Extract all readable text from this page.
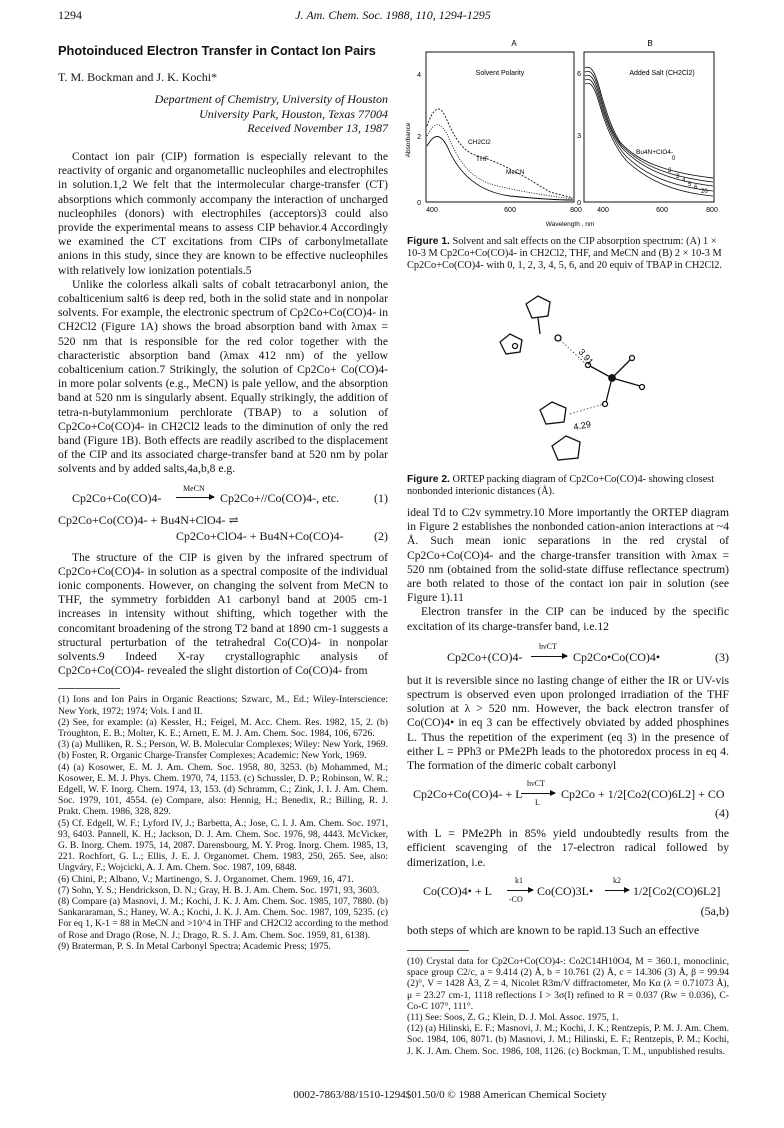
1294	J. Am. Chem. Soc. 1988, 110, 1294-1295
Photoinduced Electron Transfer in Contact Ion Pairs
T. M. Bockman and J. K. Kochi*
Department of Chemistry, University of Houston
University Park, Houston, Texas 77004
Received November 13, 1987

Contact ion pair (CIP) formation is especially relevant to the reactivity of organic and organometallic nucleophiles and electrophiles in solution.1,2 We felt that the intermolecular charge-transfer (CT) absorptions which commonly accompany the interaction of uncharged nucleophiles (donors) with electrophiles (acceptors)3 could also provide the experimental means to assess CIP behavior.4 Accordingly we examined the CT excitations from CIPs of carbonylmetallate anions in this study, since they are known to be effective nucleophiles with relatively low ionization potentials.5

Unlike the colorless alkali salts of cobalt tetracarbonyl anion, the cobalticenium salt6 is deep red, both in the solid state and in nonpolar solvents. For example, the electronic spectrum of Cp2Co+Co(CO)4- in CH2Cl2 (Figure 1A) shows the broad absorption band with λmax = 520 nm that is responsible for the red color together with the characteristic absorption band (λmax 412 nm) of the yellow cobalticenium cation.7 Strikingly, the solution of Cp2Co+ Co(CO)4- in more polar solvents (e.g., MeCN) is pale yellow, and the absorption band at 520 nm is singularly absent. Equally strikingly, the addition of tetra-n-butylammonium perchlorate (TBAP) to a solution of Cp2Co+Co(CO)4- in CH2Cl2 leads to the diminution of only the red band (Figure 1B). Both effects are readily ascribed to the displacement of the CIP and its associated charge-transfer band at 520 nm by polar solvents and by added salts,4a,b,8 e.g.

Cp2Co+Co(CO)4-
MeCN
Cp2Co+//Co(CO)4-, etc.	(1)
Cp2Co+Co(CO)4- + Bu4N+ClO4- ⇌
Cp2Co+ClO4- + Bu4N+Co(CO)4-	(2)

The structure of the CIP is given by the infrared spectrum of Cp2Co+Co(CO)4- in solution as a spectral composite of the individual ionic components. However, on changing the solvent from MeCN to THF, the symmetry forbidden A1 carbonyl band at 2005 cm-1 increases in intensity without shifting, which together with the concomitant broadening of the strong T2 band at 1890 cm-1 suggests a structural perturbation of the tetrahedral Co(CO)4- in nonpolar solvents.9 Indeed X-ray crystallographic analysis of Cp2Co+Co(CO)4- revealed the slight distortion of Co(CO)4- from

(1) Ions and Ion Pairs in Organic Reactions; Szwarc, M., Ed.; Wiley-Interscience: New York, 1972; 1974; Vols. I and II.
(2) See, for example: (a) Kessler, H.; Feigel, M. Acc. Chem. Res. 1982, 15, 2. (b) Troughton, E. B.; Molter, K. E.; Arnett, E. M. J. Am. Chem. Soc. 1984, 106, 6726.
(3) (a) Mulliken, R. S.; Person, W. B. Molecular Complexes; Wiley: New York, 1969. (b) Foster, R. Organic Charge-Transfer Complexes; Academic: New York, 1969.
(4) (a) Kosower, E. M. J. Am. Chem. Soc. 1958, 80, 3253. (b) Mohammed, M.; Kosower, E. M. J. Phys. Chem. 1970, 74, 1153. (c) Schussler, D. P.; Robinson, W. R.; Edgell, W. F. Inorg. Chem. 1974, 13, 153. (d) Schramm, C.; Zink, J. I. J. Am. Chem. Soc. 1979, 101, 4554. (e) Compare, also: Hennig, H.; Benedix, R.; Billing, R. J. Prakt. Chem. 1986, 328, 829.
(5) Cf. Edgell, W. F.; Lyford IV, J.; Barbetta, A.; Jose, C. I. J. Am. Chem. Soc. 1971, 93, 6403. Pannell, K. H.; Jackson, D. J. Am. Chem. Soc. 1976, 98, 4443. McVicker, G. B. Inorg. Chem. 1975, 14, 2087. Darensbourg, M. Y. Prog. Inorg. Chem. 1985, 13, 221. Rochfort, G. L.; Ellis, J. E. J. Organomet. Chem. 1983, 250, 265. See, also: Ungváry, F.; Wojcicki, A. J. Am. Chem. Soc. 1987, 109, 6848.
(6) Chini, P.; Albano, V.; Martinengo, S. J. Organomet. Chem. 1969, 16, 471.
(7) Sohn, Y. S.; Hendrickson, D. N.; Gray, H. B. J. Am. Chem. Soc. 1971, 93, 3603.
(8) Compare (a) Masnovi, J. M.; Kochi, J. K. J. Am. Chem. Soc. 1985, 107, 7880. (b) Sankararaman, S.; Haney, W. A.; Kochi, J. K. J. Am. Chem. Soc. 1987, 109, 5235. (c) For eq 1, K-1 = 88 in MeCN and >10^4 in THF and CH2Cl2 according to the method of Rose and Drago (Rose, N. J.; Drago, R. S. J. Am. Chem. Soc. 1959, 81, 6138).
(9) Braterman, P. S. In Metal Carbonyl Spectra; Academic Press; 1975.
A	B
Absorbance
Solvent Polarity	Added Salt (CH2Cl2)
4
2
0
6
3
0
400	600	800 400	600	800
Wavelength , nm
CH2Cl2
THF
MeCN
Bu4N+ClO4-
0
2
3
4
5 6
20
Figure 1. Solvent and salt effects on the CIP absorption spectrum: (A) 1 × 10-3 M Cp2Co+Co(CO)4- in CH2Cl2, THF, and MeCN and (B) 2 × 10-3 M Cp2Co+Co(CO)4- with 0, 1, 2, 3, 4, 5, 6, and 20 equiv of TBAP in CH2Cl2.
3.91
4.29
Figure 2. ORTEP packing diagram of Cp2Co+Co(CO)4- showing closest nonbonded interionic distances (Å).

ideal Td to C2v symmetry.10 More importantly the ORTEP diagram in Figure 2 establishes the nonbonded cation-anion interactions at ~4 Å. Such mean ionic separations in the red crystal of Cp2Co+Co(CO)4- and the charge-transfer transition with λmax = 520 nm (obtained from the solid-state diffuse reflectance spectrum) are both related to those of the contact ion pair in solution (see Figure 1).11

Electron transfer in the CIP can be induced by the specific excitation of its charge-transfer band, i.e.12

Cp2Co+(CO)4-
hνCT
Cp2Co•Co(CO)4•	(3)

but it is reversible since no lasting change of either the IR or UV-vis spectrum is observed even upon prolonged irradiation of the THF solution at λ > 520 nm. However, the back electron transfer of Co(CO)4• in eq 3 can be effectively obviated by added phosphines L. Thus the repetition of the experiment (eq 3) in the presence of either L = PPh3 or PMe2Ph leads to the photoredox process in eq 4. The formation of the dimeric cobalt carbonyl

Cp2Co+Co(CO)4- + L
hνCT
L
Cp2Co + 1/2[Co2(CO)6L2] + CO
(4)

with L = PMe2Ph in 85% yield undoubtedly results from the efficient scavenging of the 17-electron radical followed by dimerization, i.e.

Co(CO)4• + L
k1
-CO
Co(CO)3L•
k2
1/2[Co2(CO)6L2]
(5a,b)

both steps of which are known to be rapid.13 Such an effective

(10) Crystal data for Cp2Co+Co(CO)4-: Co2C14H10O4, M = 360.1, monoclinic, space group C2/c, a = 9.414 (2) Å, b = 10.761 (2) Å, c = 14.306 (3) Å, β = 99.94 (2)°, V = 1428 Å3, Z = 4, Nicolet R3m/V diffractometer, Mo Kα (λ = 0.71073 Å), μ = 23.27 cm-1, 1118 reflections I > 3σ(I) refined to R = 0.037 (Rw = 0.036), C-Co-C 107°, 111°.
(11) See: Soos, Z. G.; Klein, D. J. Mol. Assoc. 1975, 1.
(12) (a) Hilinski, E. F.; Masnovi, J. M.; Kochi, J. K.; Rentzepis, P. M. J. Am. Chem. Soc. 1984, 106, 8071. (b) Masnovi, J. M.; Hilinski, E. F.; Rentzepis, P. M.; Kochi, J. K. J. Am. Chem. Soc. 1986, 108, 1126. (c) Bockman, T. M., unpublished results.
0002-7863/88/1510-1294$01.50/0 © 1988 American Chemical Society
